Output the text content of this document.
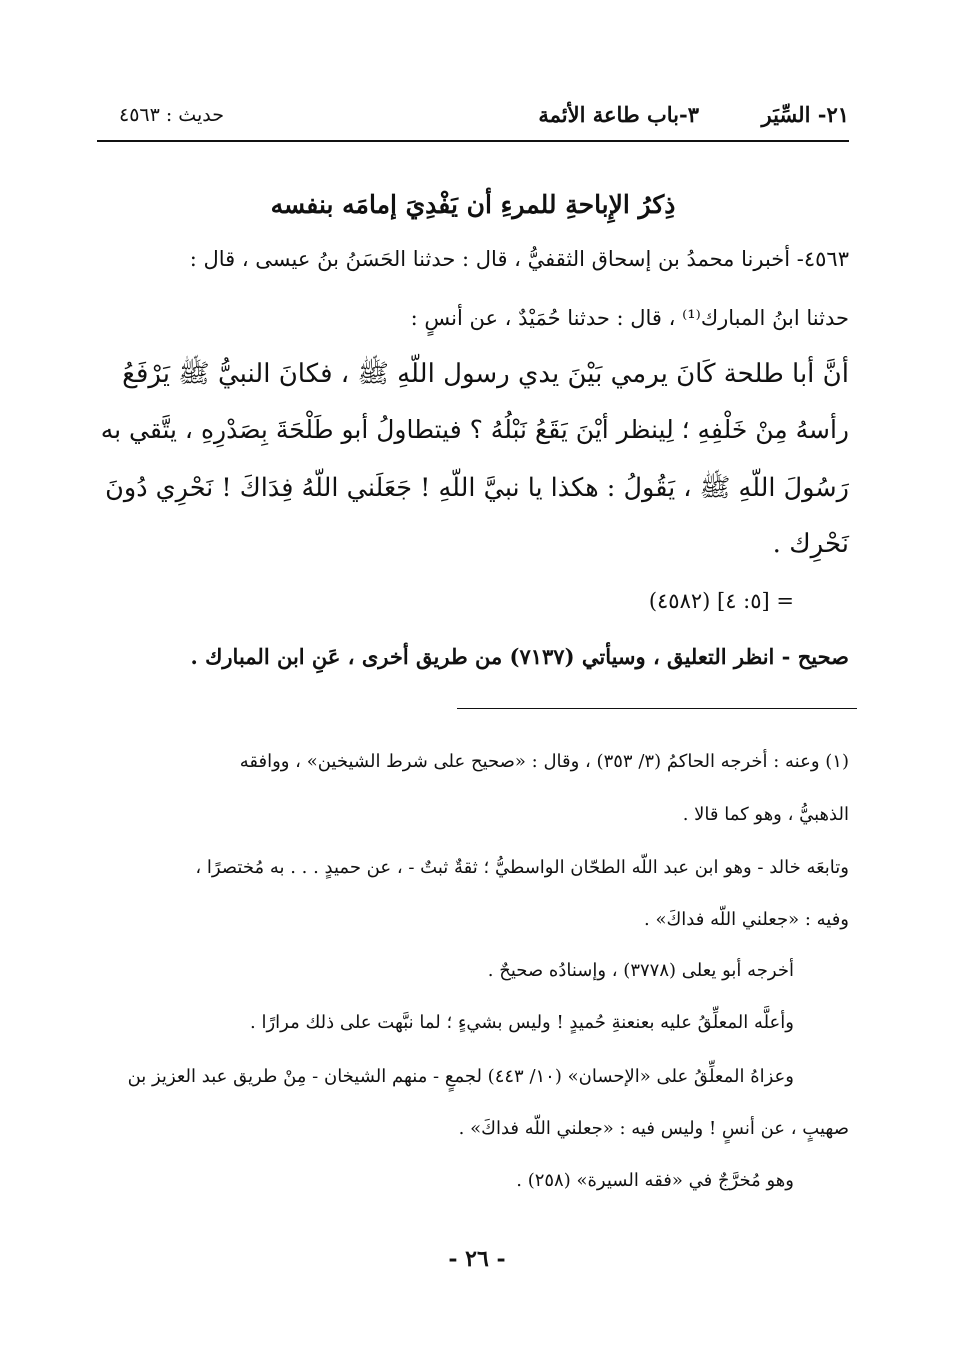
٢١- السِّيَر
٣-باب طاعة الأئمة
حديث : ٤٥٦٣
ذِكرُ الإِباحةِ للمرءِ أن يَفْدِيَ إمامَه بنفسه
٤٥٦٣- أخبرنا محمدُ بن إسحاق الثقفيُّ ، قال : حدثنا الحَسَنُ بنُ عيسى ، قال :
حدثنا ابنُ المبارك⁽¹⁾ ، قال : حدثنا حُمَيْدٌ ، عن أنسٍ :
أنَّ أبا طلحة كَانَ يرمي بَيْنَ يدي رسول اللّهِ ﷺ ، فكانَ النبيُّ ﷺ يَرْفَعُ
رأسهُ مِنْ خَلْفِهِ ؛ لِينظر أيْنَ يَقَعُ نَبْلُهُ ؟ فيتطاولُ أبو طَلْحَةَ بِصَدْرِهِ ، يتَّقي به
رَسُولَ اللّهِ ﷺ ، يَقُولُ : هكذا يا نبيَّ اللّهِ ! جَعَلَني اللّهُ فِدَاكَ ! نَحْرِي دُونَ
نَحْرِك .
= [٥: ٤] (٤٥٨٢)
صحيح - انظر التعليق ، وسيأتي (٧١٣٧) من طريق أخرى ، عَنِ ابن المبارك .
(١) وعنه : أخرجه الحاكمُ (٣/ ٣٥٣) ، وقال : «صحيح على شرط الشيخين» ، ووافقه
الذهبيُّ ، وهو كما قالا .
وتابعَه خالد - وهو ابن عبد اللّه الطحّان الواسطيُّ ؛ ثقةٌ ثبتٌ - ، عن حميدٍ . . . به مُختصرًا ،
وفيه : «جعلني اللّه فداكَ» .
أخرجه أبو يعلى (٣٧٧٨) ، وإسنادُه صحيحٌ .
وأعلَّه المعلِّقُ عليه بعنعنةِ حُميدٍ ! وليس بشيءٍ ؛ لما نبَّهت على ذلك مرارًا .
وعزاهُ المعلِّقُ على «الإحسان» (١٠/ ٤٤٣) لجمعٍ - منهم الشيخان - مِنْ طريق عبد العزيز بن
صهيبٍ ، عن أنسٍ ! وليس فيه : «جعلني اللّه فداكَ» .
وهو مُخرَّجٌ في «فقه السيرة» (٢٥٨) .
- ٢٦ -
